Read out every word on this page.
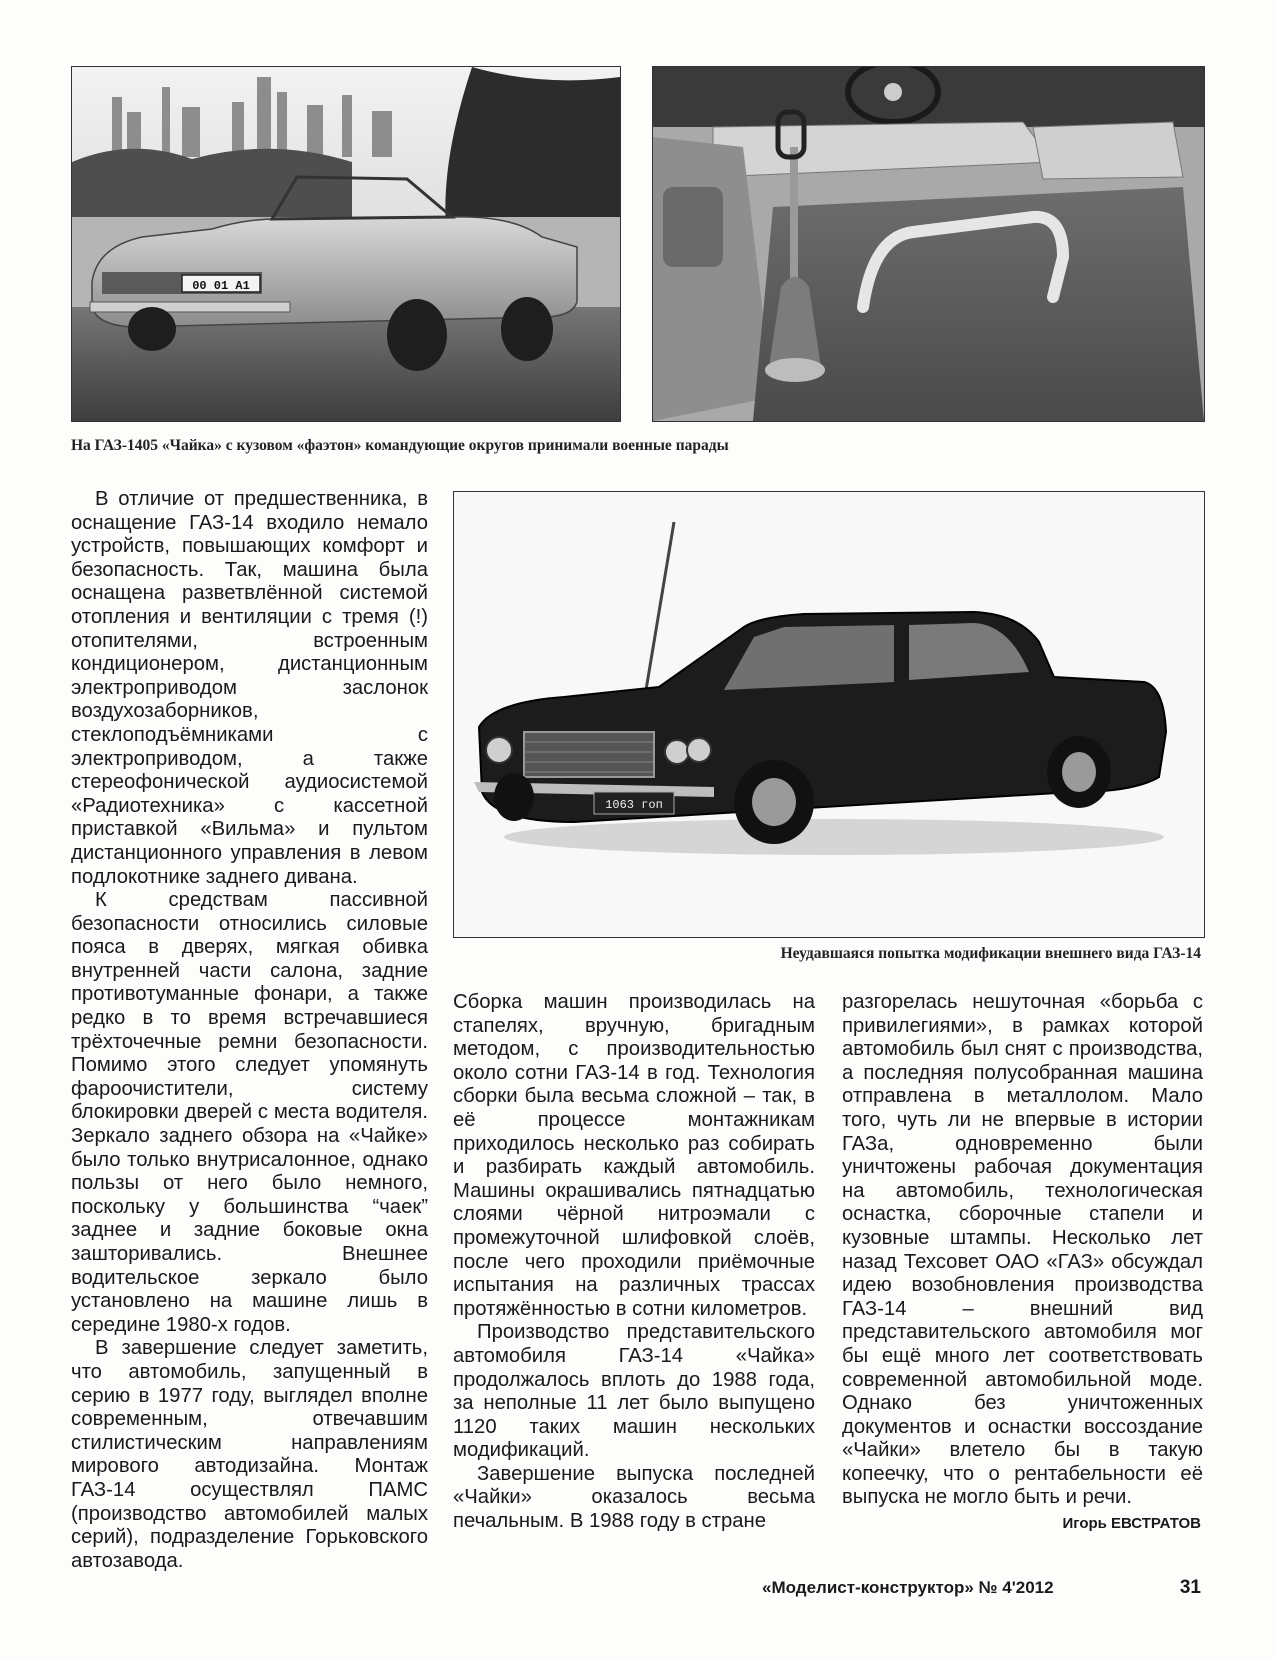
00 01 А1
На ГАЗ-1405 «Чайка» с кузовом «фаэтон» командующие округов принимали военные парады
1063 гоп
Неудавшаяся попытка модификации внешнего вида ГАЗ-14

В отличие от предшественника, в оснащение ГАЗ-14 входило немало устройств, повышающих комфорт и безопасность. Так, машина была оснащена разветвлённой системой отопления и вентиляции с тремя (!) отопителями, встроенным кондиционером, дистанционным электроприводом заслонок воздухозаборников, стеклоподъёмниками с электроприводом, а также стереофонической аудиосистемой «Радиотехника» с кассетной приставкой «Вильма» и пультом дистанционного управления в левом подлокотнике заднего дивана.

К средствам пассивной безопасности относились силовые пояса в дверях, мягкая обивка внутренней части салона, задние противотуманные фонари, а также редко в то время встречавшиеся трёхточечные ремни безопасности. Помимо этого следует упомянуть фароочистители, систему блокировки дверей с места водителя. Зеркало заднего обзора на «Чайке» было только внутрисалонное, однако пользы от него было немного, поскольку у большинства “чаек” заднее и задние боковые окна зашторивались. Внешнее водительское зеркало было установлено на машине лишь в середине 1980-х годов.

В завершение следует заметить, что автомобиль, запущенный в серию в 1977 году, выглядел вполне современным, отвечавшим стилистическим направлениям мирового автодизайна. Монтаж ГАЗ-14 осуществлял ПАМС (производство автомобилей малых серий), подразделение Горьковского автозавода.

Сборка машин производилась на стапелях, вручную, бригадным методом, с производительностью около сотни ГАЗ-14 в год. Технология сборки была весьма сложной – так, в её процессе монтажникам приходилось несколько раз собирать и разбирать каждый автомобиль. Машины окрашивались пятнадцатью слоями чёрной нитроэмали с промежуточной шлифовкой слоёв, после чего проходили приёмочные испытания на различных трассах протяжённостью в сотни километров.

Производство представительского автомобиля ГАЗ-14 «Чайка» продолжалось вплоть до 1988 года, за неполные 11 лет было выпущено 1120 таких машин нескольких модификаций.

Завершение выпуска последней «Чайки» оказалось весьма печальным. В 1988 году в стране

разгорелась нешуточная «борьба с привилегиями», в рамках которой автомобиль был снят с производства, а последняя полусобранная машина отправлена в металлолом. Мало того, чуть ли не впервые в истории ГАЗа, одновременно были уничтожены рабочая документация на автомобиль, технологическая оснастка, сборочные стапели и кузовные штампы. Несколько лет назад Техсовет ОАО «ГАЗ» обсуждал идею возобновления производства ГАЗ-14 – внешний вид представительского автомобиля мог бы ещё много лет соответствовать современной автомобильной моде. Однако без уничтоженных документов и оснастки воссоздание «Чайки» влетело бы в такую копеечку, что о рентабельности её выпуска не могло быть и речи.

Игорь ЕВСТРАТОВ
«Моделист-конструктор» № 4'2012	31
